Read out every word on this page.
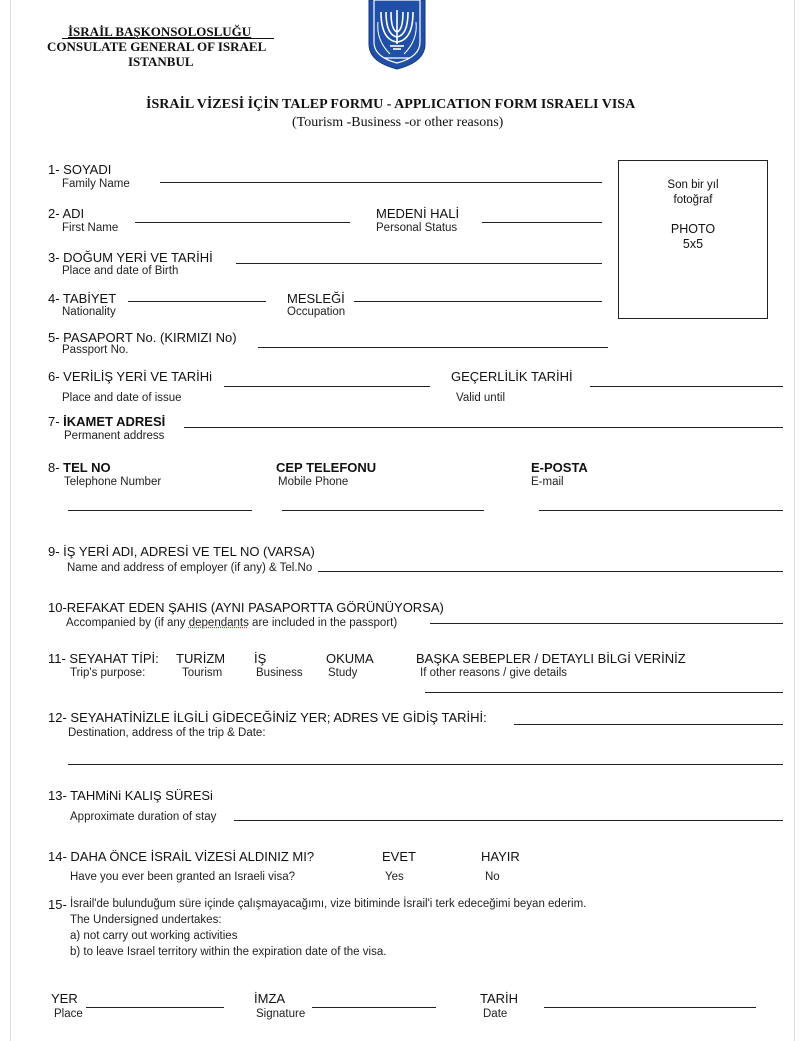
İSRAİL BAŞKONSOLOSLUĞU
CONSULATE GENERAL OF ISRAEL
ISTANBUL
İSRAİL VİZESİ İÇİN TALEP FORMU - APPLICATION FORM ISRAELI VISA
(Tourism -Business -or other reasons)
Son bir yıl
fotoğraf
PHOTO
5x5
1- SOYADI
Family Name
2- ADI
First Name
MEDENİ HALİ
Personal Status
3- DOĞUM YERİ VE TARİHİ
Place and date of Birth
4- TABİYET
Nationality
MESLEĞİ
Occupation
5- PASAPORT No. (KIRMIZI No)
Passport No.
6- VERİLİŞ YERİ VE TARİHi
Place and date of issue
GEÇERLİLİK TARİHİ
Valid until
7- İKAMET ADRESİ
Permanent address
8- TEL NO
Telephone Number
CEP TELEFONU
Mobile Phone
E-POSTA
E-mail
9- İŞ YERİ ADI, ADRESİ VE TEL NO (VARSA)
Name and address of employer (if any) & Tel.No
10-REFAKAT EDEN ŞAHIS (AYNI PASAPORTTA GÖRÜNÜYORSA)
Accompanied by (if any dependants are included in the passport)
11- SEYAHAT TİPİ:
Trip's purpose:
TURİZM
Tourism
İŞ
Business
OKUMA
Study
BAŞKA SEBEPLER / DETAYLI BİLGİ VERİNİZ
If other reasons / give details
12- SEYAHATİNİZLE İLGİLİ GİDECEĞİNİZ YER; ADRES VE GİDİŞ TARİHİ:
Destination, address of the trip & Date:
13- TAHMiNi KALIŞ SÜRESi
Approximate duration of stay
14- DAHA ÖNCE İSRAİL VİZESİ ALDINIZ MI?
Have you ever been granted an Israeli visa?
EVET
Yes
HAYIR
No
15- İsrail'de bulunduğum süre içinde çalışmayacağımı, vize bitiminde İsrail'i terk edeceğimi beyan ederim.
The Undersigned undertakes:
a) not carry out working activities
b) to leave Israel territory within the expiration date of the visa.
YER
Place
İMZA
Signature
TARİH
Date
